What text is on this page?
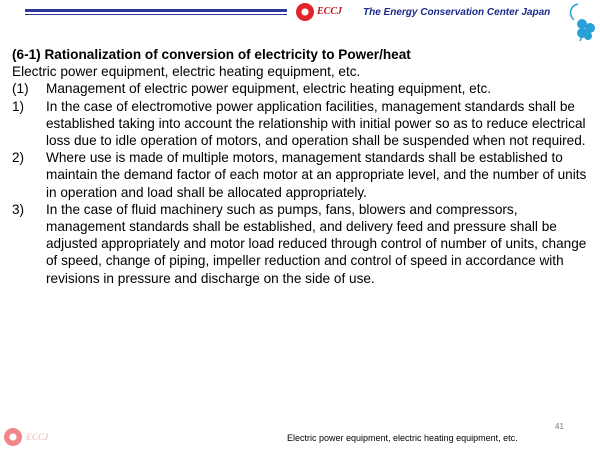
ECCJ The Energy Conservation Center Japan

(6-1) Rationalization of conversion of electricity to Power/heat

Electric power equipment, electric heating equipment, etc.

(1) Management of electric power equipment, electric heating equipment, etc.

1) In the case of electromotive power application facilities, management standards shall be established taking into account the relationship with initial power so as to reduce electrical loss due to idle operation of motors, and operation shall be suspended when not required.

2) Where use is made of multiple motors, management standards shall be established to maintain the demand factor of each motor at an appropriate level, and the number of units in operation and load shall be allocated appropriately.

3) In the case of fluid machinery such as pumps, fans, blowers and compressors, management standards shall be established, and delivery feed and pressure shall be adjusted appropriately and motor load reduced through control of number of units, change of speed, change of piping, impeller reduction and control of speed in accordance with revisions in pressure and discharge on the side of use.

ECCJ
41
Electric power equipment, electric heating equipment, etc.
